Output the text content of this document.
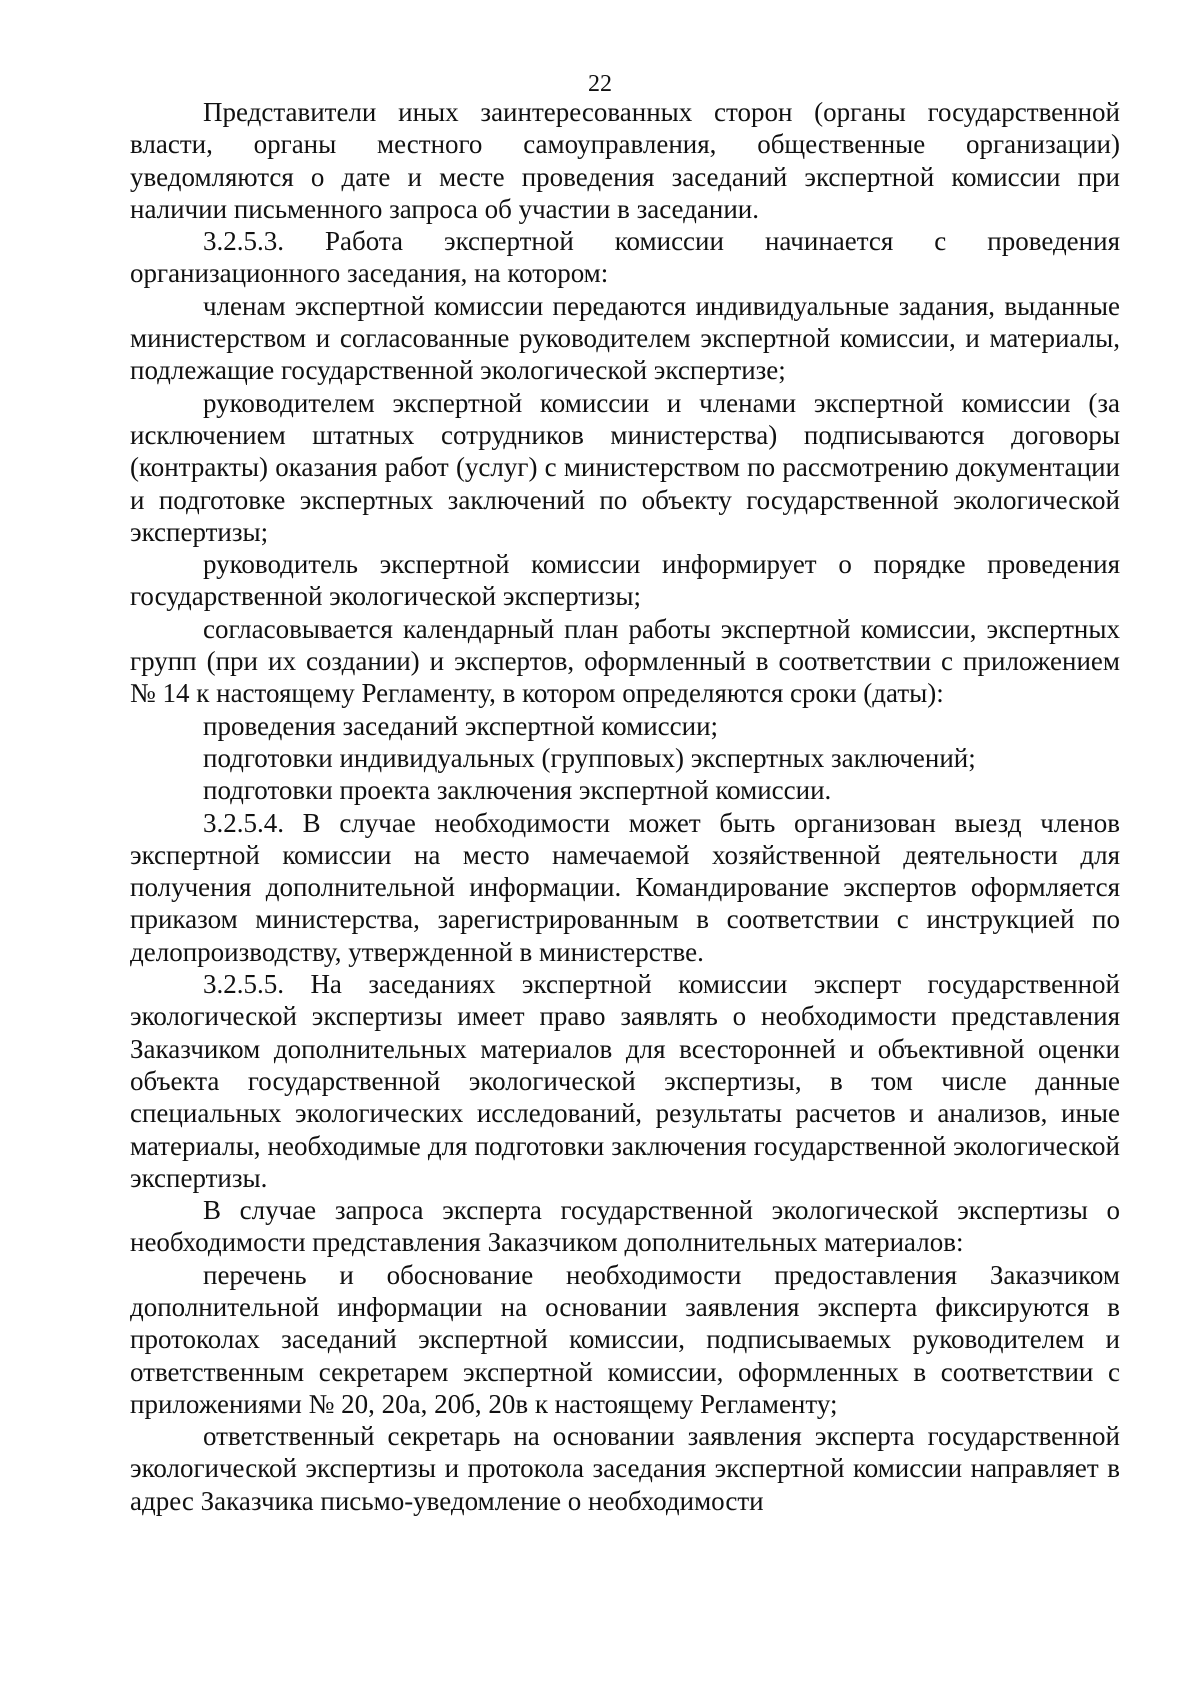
22

Представители иных заинтересованных сторон (органы государственной власти, органы местного самоуправления, общественные организации) уведомляются о дате и месте проведения заседаний экспертной комиссии при наличии письменного запроса об участии в заседании.

3.2.5.3. Работа экспертной комиссии начинается с проведения организационного заседания, на котором:

членам экспертной комиссии передаются индивидуальные задания, выданные министерством и согласованные руководителем экспертной комиссии, и материалы, подлежащие государственной экологической экспертизе;

руководителем экспертной комиссии и членами экспертной комиссии (за исключением штатных сотрудников министерства) подписываются договоры (контракты) оказания работ (услуг) с министерством по рассмотрению документации и подготовке экспертных заключений по объекту государственной экологической экспертизы;

руководитель экспертной комиссии информирует о порядке проведения государственной экологической экспертизы;

согласовывается календарный план работы экспертной комиссии, экспертных групп (при их создании) и экспертов, оформленный в соответствии с приложением № 14 к настоящему Регламенту, в котором определяются сроки (даты):

проведения заседаний экспертной комиссии;

подготовки индивидуальных (групповых) экспертных заключений;

подготовки проекта заключения экспертной комиссии.

3.2.5.4. В случае необходимости может быть организован выезд членов экспертной комиссии на место намечаемой хозяйственной деятельности для получения дополнительной информации. Командирование экспертов оформляется приказом министерства, зарегистрированным в соответствии с инструкцией по делопроизводству, утвержденной в министерстве.

3.2.5.5. На заседаниях экспертной комиссии эксперт государственной экологической экспертизы имеет право заявлять о необходимости представления Заказчиком дополнительных материалов для всесторонней и объективной оценки объекта государственной экологической экспертизы, в том числе данные специальных экологических исследований, результаты расчетов и анализов, иные материалы, необходимые для подготовки заключения государственной экологической экспертизы.

В случае запроса эксперта государственной экологической экспертизы о необходимости представления Заказчиком дополнительных материалов:

перечень и обоснование необходимости предоставления Заказчиком дополнительной информации на основании заявления эксперта фиксируются в протоколах заседаний экспертной комиссии, подписываемых руководителем и ответственным секретарем экспертной комиссии, оформленных в соответствии с приложениями № 20, 20а, 20б, 20в к настоящему Регламенту;

ответственный секретарь на основании заявления эксперта государственной экологической экспертизы и протокола заседания экспертной комиссии направляет в адрес Заказчика письмо-уведомление о необходимости
